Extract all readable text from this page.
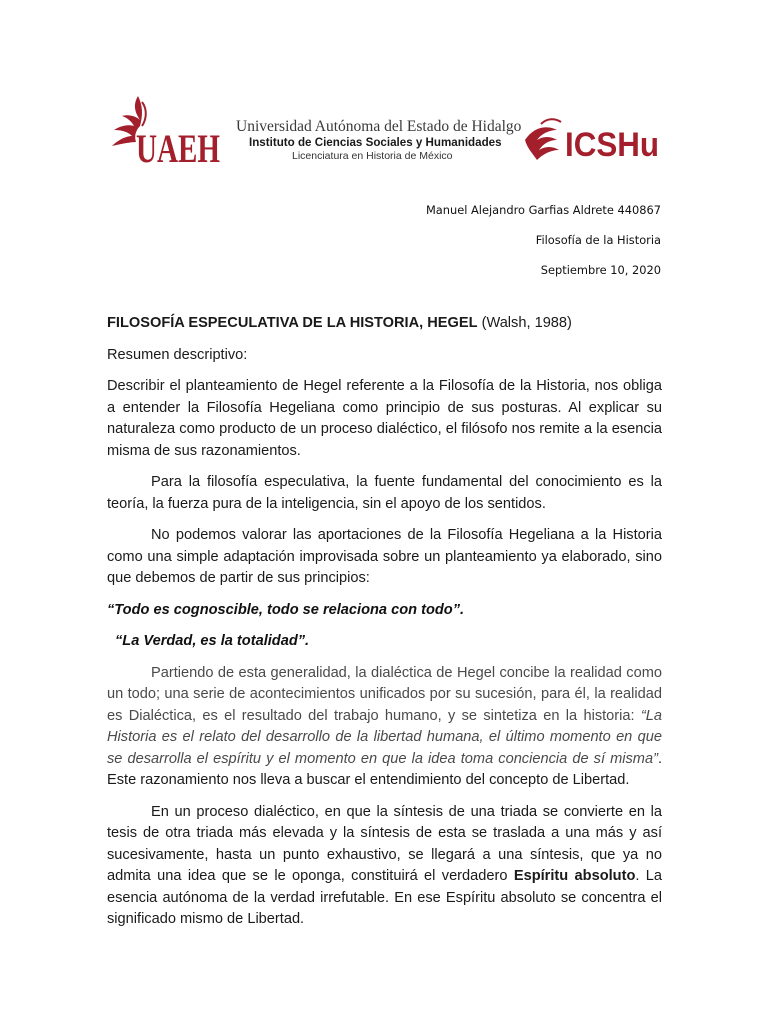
UAEH Universidad Autónoma del Estado de Hidalgo
Instituto de Ciencias Sociales y Humanidades
Licenciatura en Historia de México	ICSHu
Manuel Alejandro Garfias Aldrete 440867
Filosofía de la Historia
Septiembre 10, 2020

FILOSOFÍA ESPECULATIVA DE LA HISTORIA, HEGEL (Walsh, 1988)

Resumen descriptivo:

Describir el planteamiento de Hegel referente a la Filosofía de la Historia, nos obliga a entender la Filosofía Hegeliana como principio de sus posturas. Al explicar su naturaleza como producto de un proceso dialéctico, el filósofo nos remite a la esencia misma de sus razonamientos.

Para la filosofía especulativa, la fuente fundamental del conocimiento es la teoría, la fuerza pura de la inteligencia, sin el apoyo de los sentidos.

No podemos valorar las aportaciones de la Filosofía Hegeliana a la Historia como una simple adaptación improvisada sobre un planteamiento ya elaborado, sino que debemos de partir de sus principios:

“Todo es cognoscible, todo se relaciona con todo”.

“La Verdad, es la totalidad”.

Partiendo de esta generalidad, la dialéctica de Hegel concibe la realidad como un todo; una serie de acontecimientos unificados por su sucesión, para él, la realidad es Dialéctica, es el resultado del trabajo humano, y se sintetiza en la historia: “La Historia es el relato del desarrollo de la libertad humana, el último momento en que se desarrolla el espíritu y el momento en que la idea toma conciencia de sí misma”. Este razonamiento nos lleva a buscar el entendimiento del concepto de Libertad.

En un proceso dialéctico, en que la síntesis de una triada se convierte en la tesis de otra triada más elevada y la síntesis de esta se traslada a una más y así sucesivamente, hasta un punto exhaustivo, se llegará a una síntesis, que ya no admita una idea que se le oponga, constituirá el verdadero Espíritu absoluto. La esencia autónoma de la verdad irrefutable. En ese Espíritu absoluto se concentra el significado mismo de Libertad.
